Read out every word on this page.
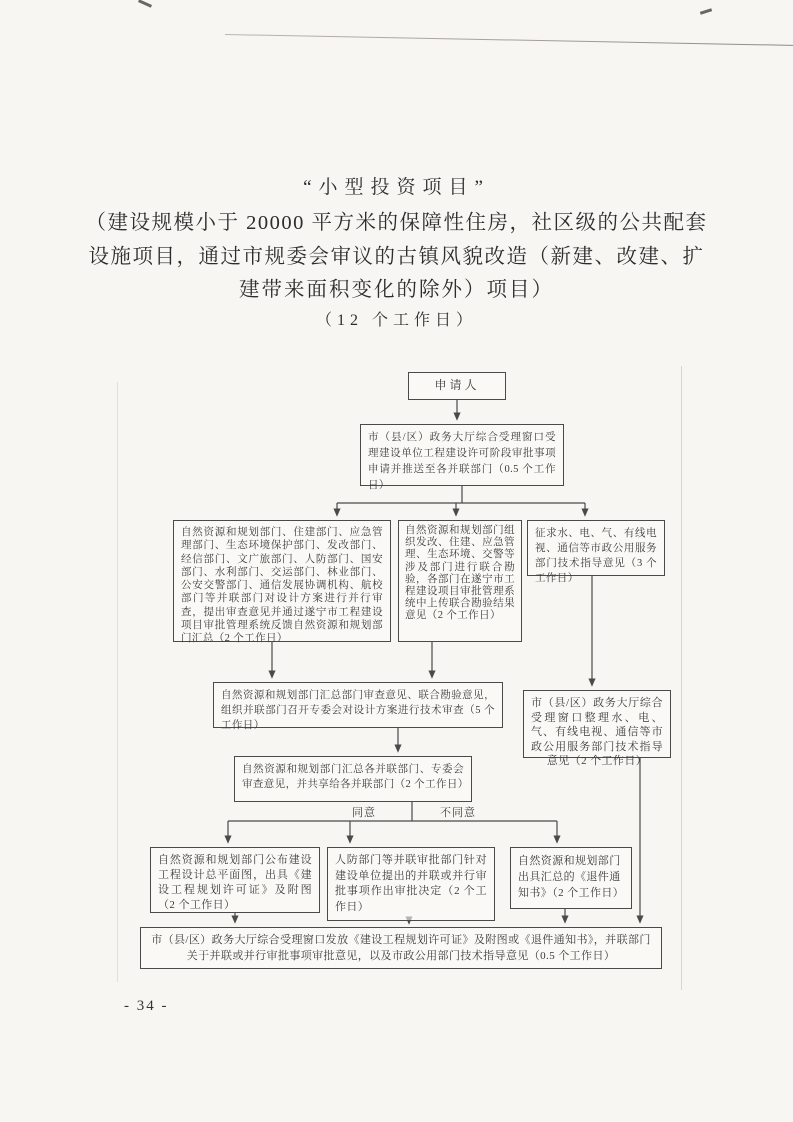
“小型投资项目”
（建设规模小于 20000 平方米的保障性住房，社区级的公共配套
设施项目，通过市规委会审议的古镇风貌改造（新建、改建、扩
建带来面积变化的除外）项目）
（12 个工作日）
申请人
市（县/区）政务大厅综合受理窗口受理建设单位工程建设许可阶段审批事项申请并推送至各并联部门（0.5 个工作日）
自然资源和规划部门、住建部门、应急管理部门、生态环境保护部门、发改部门、经信部门、文广旅部门、人防部门、国安部门、水利部门、交运部门、林业部门、公安交警部门、通信发展协调机构、航校部门等并联部门对设计方案进行并行审查，提出审查意见并通过遂宁市工程建设项目审批管理系统反馈自然资源和规划部门汇总（2 个工作日）
自然资源和规划部门组织发改、住建、应急管理、生态环境、交警等涉及部门进行联合勘验，各部门在遂宁市工程建设项目审批管理系统中上传联合勘验结果意见（2 个工作日）
征求水、电、气、有线电视、通信等市政公用服务部门技术指导意见（3 个工作日）
自然资源和规划部门汇总部门审查意见、联合勘验意见，组织并联部门召开专委会对设计方案进行技术审查（5 个工作日）
市（县/区）政务大厅综合受理窗口整理水、电、气、有线电视、通信等市政公用服务部门技术指导意见（2 个工作日）
自然资源和规划部门汇总各并联部门、专委会审查意见，并共享给各并联部门（2 个工作日）
自然资源和规划部门公布建设工程设计总平面图，出具《建设工程规划许可证》及附图（2 个工作日）
人防部门等并联审批部门针对建设单位提出的并联或并行审批事项作出审批决定（2 个工作日）
自然资源和规划部门出具汇总的《退件通知书》（2 个工作日）
市（县/区）政务大厅综合受理窗口发放《建设工程规划许可证》及附图或《退件通知书》，并联部门关于并联或并行审批事项审批意见，以及市政公用部门技术指导意见（0.5 个工作日）
同意	不同意
- 34 -
